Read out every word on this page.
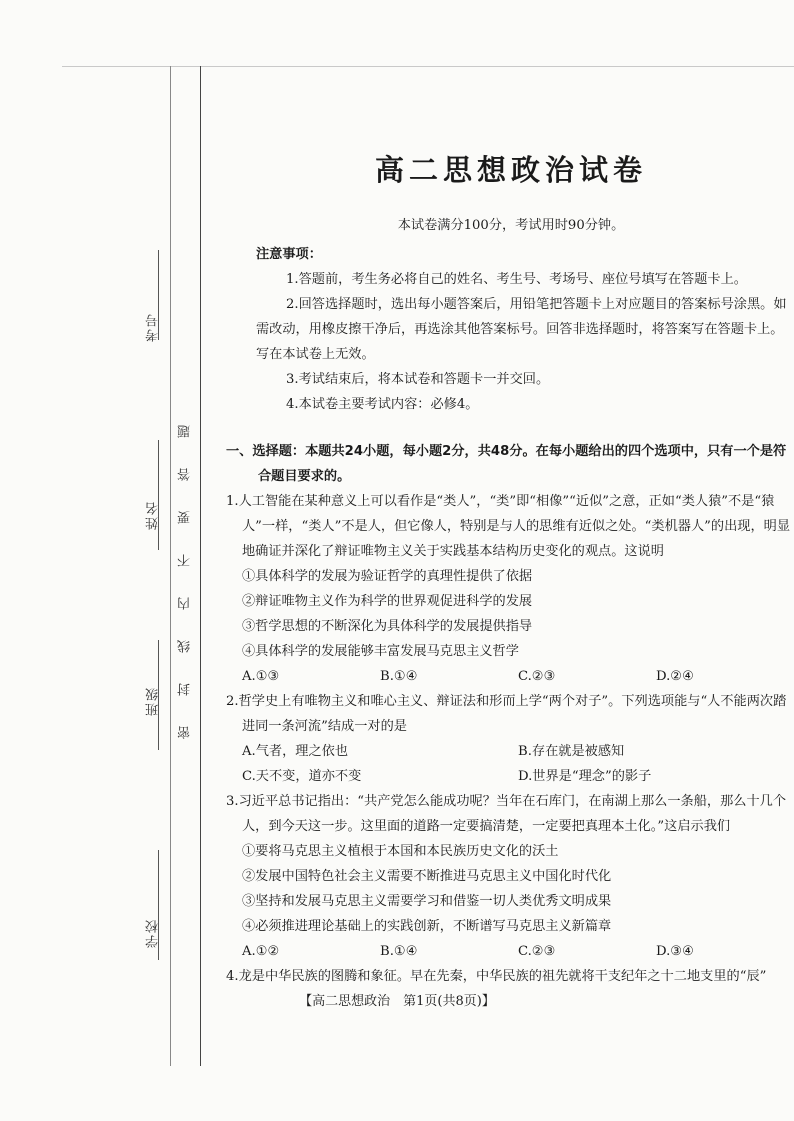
考号
姓名
班级
学校
密封线内不要答题
高二思想政治试卷
本试卷满分100分，考试用时90分钟。
注意事项：
1.答题前，考生务必将自己的姓名、考生号、考场号、座位号填写在答题卡上。
2.回答选择题时，选出每小题答案后，用铅笔把答题卡上对应题目的答案标号涂黑。如需改动，用橡皮擦干净后，再选涂其他答案标号。回答非选择题时，将答案写在答题卡上。写在本试卷上无效。
3.考试结束后，将本试卷和答题卡一并交回。
4.本试卷主要考试内容：必修4。
一、选择题：本题共24小题，每小题2分，共48分。在每小题给出的四个选项中，只有一个是符合题目要求的。
1.人工智能在某种意义上可以看作是“类人”，“类”即“相像”“近似”之意，正如“类人猿”不是“猿人”一样，“类人”不是人，但它像人，特别是与人的思维有近似之处。“类机器人”的出现，明显地确证并深化了辩证唯物主义关于实践基本结构历史变化的观点。这说明
①具体科学的发展为验证哲学的真理性提供了依据
②辩证唯物主义作为科学的世界观促进科学的发展
③哲学思想的不断深化为具体科学的发展提供指导
④具体科学的发展能够丰富发展马克思主义哲学
A.①③	B.①④	C.②③	D.②④
2.哲学史上有唯物主义和唯心主义、辩证法和形而上学“两个对子”。下列选项能与“人不能两次踏进同一条河流”结成一对的是
A.气者，理之依也	B.存在就是被感知
C.天不变，道亦不变	D.世界是“理念”的影子
3.习近平总书记指出：“共产党怎么能成功呢？当年在石库门，在南湖上那么一条船，那么十几个人，到今天这一步。这里面的道路一定要搞清楚，一定要把真理本土化。”这启示我们
①要将马克思主义植根于本国和本民族历史文化的沃土
②发展中国特色社会主义需要不断推进马克思主义中国化时代化
③坚持和发展马克思主义需要学习和借鉴一切人类优秀文明成果
④必须推进理论基础上的实践创新，不断谱写马克思主义新篇章
A.①②	B.①④	C.②③	D.③④
4.龙是中华民族的图腾和象征。早在先秦，中华民族的祖先就将干支纪年之十二地支里的“辰”
【高二思想政治　第1页(共8页)】
